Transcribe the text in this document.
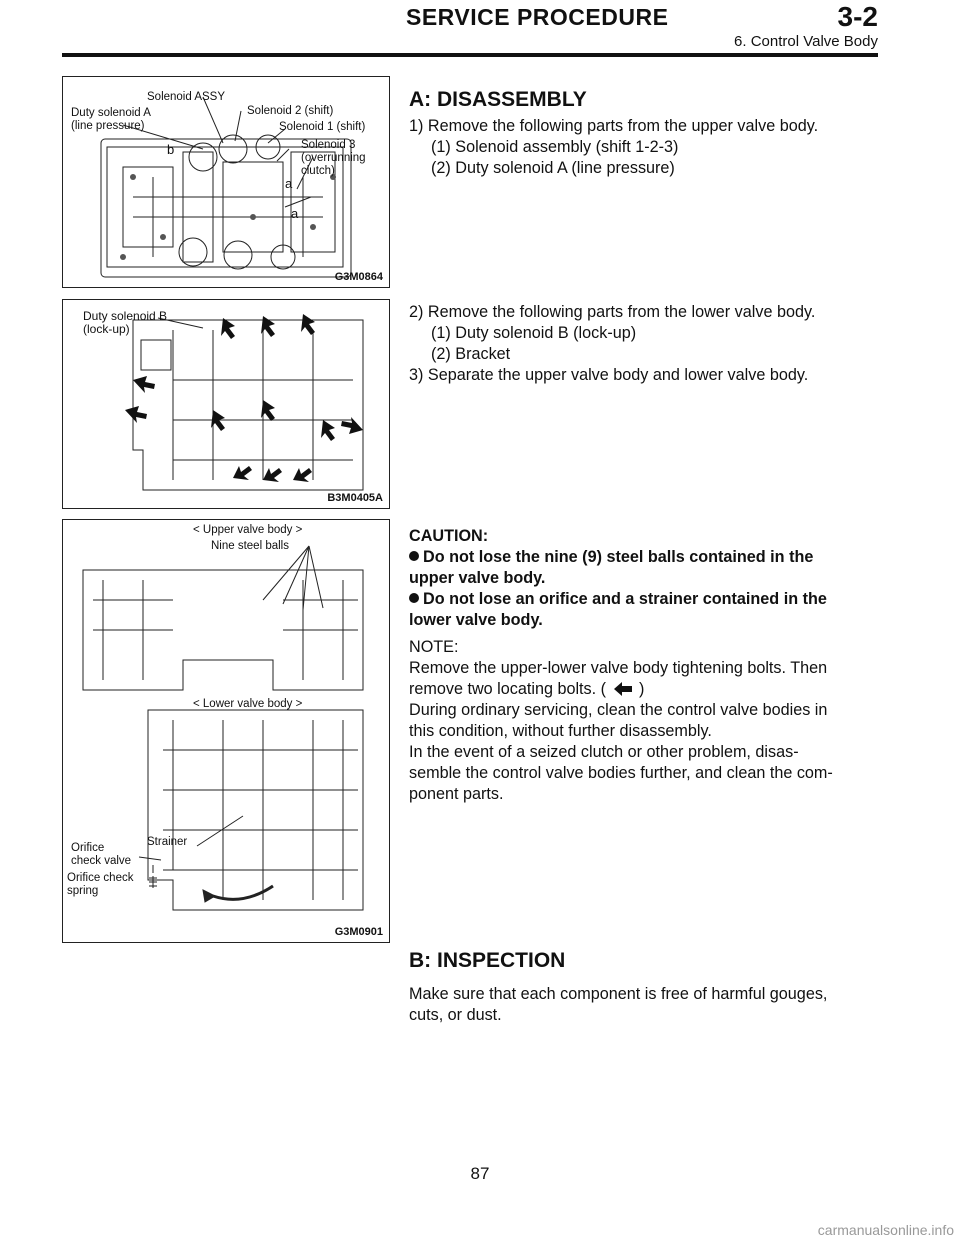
SERVICE PROCEDURE	3-2
6. Control Valve Body
Solenoid ASSY
Duty solenoid A
(line pressure)
Solenoid 2 (shift)
Solenoid 1 (shift)
Solenoid 3
(overrunning
clutch)
b
a
a
G3M0864
Duty solenoid B
(lock-up)
B3M0405A
< Upper valve body >
Nine steel balls
< Lower valve body >
Strainer
Orifice
check valve
Orifice check
spring
G3M0901
A: DISASSEMBLY
1) Remove the following parts from the upper valve body.
(1) Solenoid assembly (shift 1-2-3)
(2) Duty solenoid A (line pressure)
2) Remove the following parts from the lower valve body.
(1) Duty solenoid B (lock-up)
(2) Bracket
3) Separate the upper valve body and lower valve body.
CAUTION:
Do not lose the nine (9) steel balls contained in the
upper valve body.
Do not lose an orifice and a strainer contained in the
lower valve body.
NOTE:
Remove the upper-lower valve body tightening bolts. Then
remove two locating bolts. ( )
During ordinary servicing, clean the control valve bodies in
this condition, without further disassembly.
In the event of a seized clutch or other problem, disas-
semble the control valve bodies further, and clean the com-
ponent parts.
B: INSPECTION
Make sure that each component is free of harmful gouges,
cuts, or dust.
87
carmanualsonline.info
